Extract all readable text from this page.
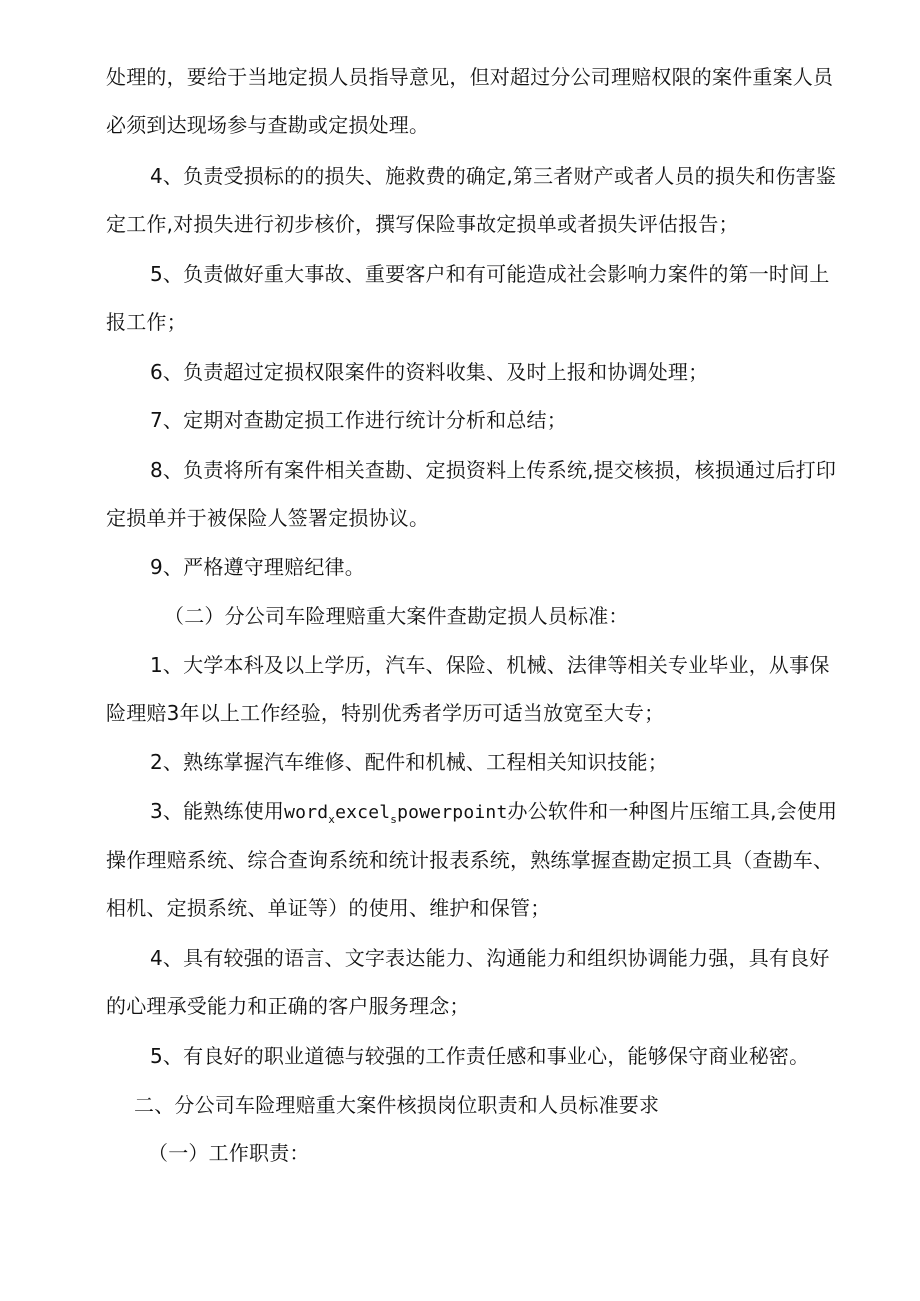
处理的，要给于当地定损人员指导意见，但对超过分公司理赔权限的案件重案人员
必须到达现场参与查勘或定损处理。
4、负责受损标的的损失、施救费的确定,第三者财产或者人员的损失和伤害鉴
定工作,对损失进行初步核价，撰写保险事故定损单或者损失评估报告；
5、负责做好重大事故、重要客户和有可能造成社会影响力案件的第一时间上
报工作；
6、负责超过定损权限案件的资料收集、及时上报和协调处理；
7、定期对查勘定损工作进行统计分析和总结；
8、负责将所有案件相关查勘、定损资料上传系统,提交核损，核损通过后打印
定损单并于被保险人签署定损协议。
9、严格遵守理赔纪律。
（二）分公司车险理赔重大案件查勘定损人员标准：
1、大学本科及以上学历，汽车、保险、机械、法律等相关专业毕业，从事保
险理赔3年以上工作经验，特别优秀者学历可适当放宽至大专；
2、熟练掌握汽车维修、配件和机械、工程相关知识技能；
3、能熟练使用word$_x$excel$_s$powerpoint办公软件和一种图片压缩工具,会使用
操作理赔系统、综合查询系统和统计报表系统，熟练掌握查勘定损工具（查勘车、
相机、定损系统、单证等）的使用、维护和保管；
4、具有较强的语言、文字表达能力、沟通能力和组织协调能力强，具有良好
的心理承受能力和正确的客户服务理念；
5、有良好的职业道德与较强的工作责任感和事业心，能够保守商业秘密。
二、分公司车险理赔重大案件核损岗位职责和人员标准要求
（一）工作职责：
